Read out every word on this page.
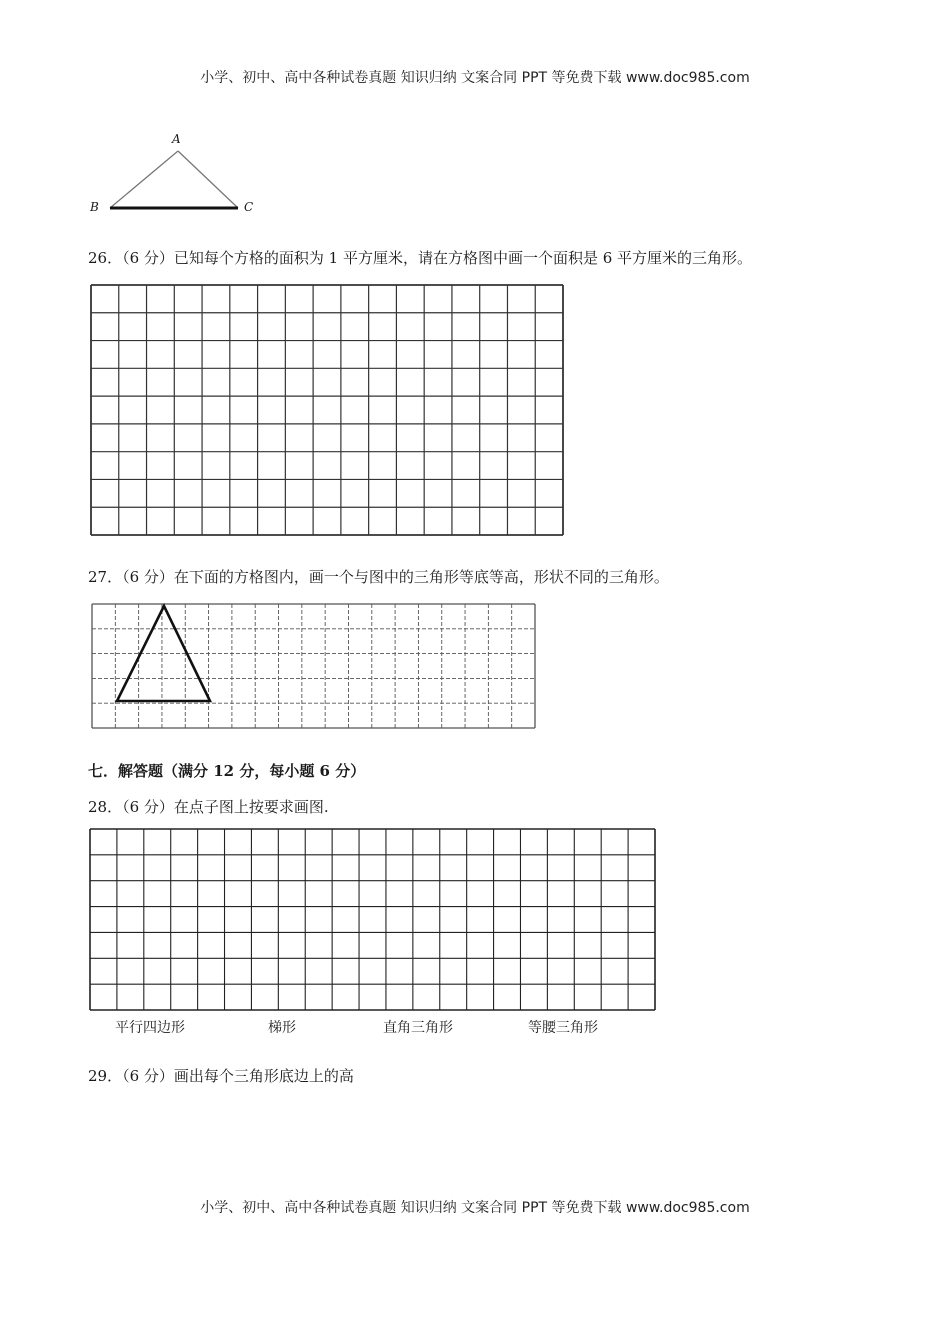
小学、初中、高中各种试卷真题 知识归纳 文案合同 PPT 等免费下载 www.doc985.com
A
B	C
26．（6 分）已知每个方格的面积为 1 平方厘米，请在方格图中画一个面积是 6 平方厘米的三角形。
27．（6 分）在下面的方格图内，画一个与图中的三角形等底等高，形状不同的三角形。
七．解答题（满分 12 分，每小题 6 分）
28．（6 分）在点子图上按要求画图.
平行四边形	梯形	直角三角形	等腰三角形
29．（6 分）画出每个三角形底边上的高
小学、初中、高中各种试卷真题 知识归纳 文案合同 PPT 等免费下载 www.doc985.com
